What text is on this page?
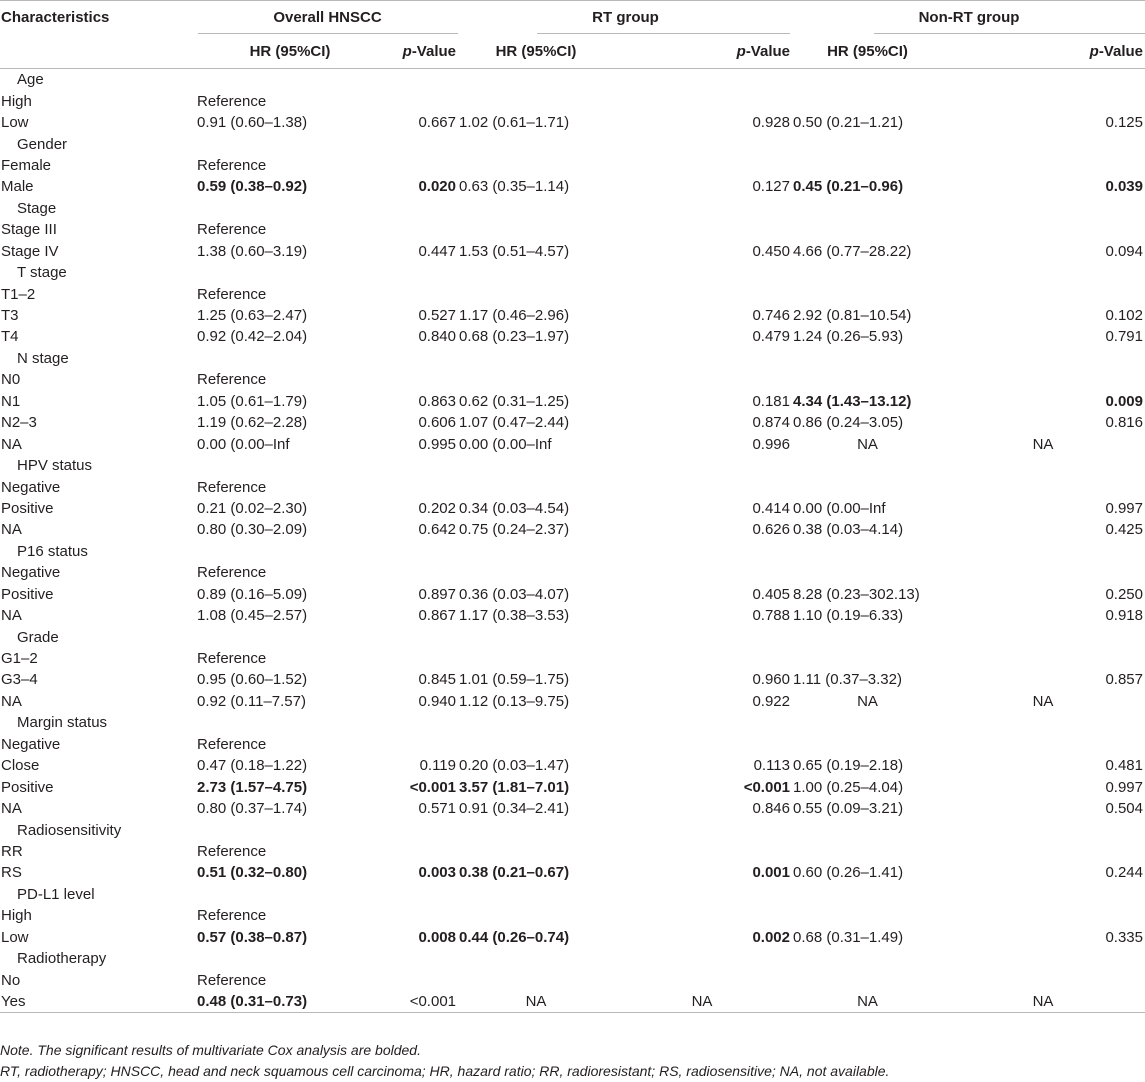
Characteristics	Overall HNSCC		RT group		Non-RT group	
	HR (95%CI)	p-Value	HR (95%CI)	p-Value	HR (95%CI)	p-Value
Age						
High	Reference					
Low	0.91 (0.60–1.38)	0.667	1.02 (0.61–1.71)	0.928	0.50 (0.21–1.21)	0.125
Gender						
Female	Reference					
Male	0.59 (0.38–0.92)	0.020	0.63 (0.35–1.14)	0.127	0.45 (0.21–0.96)	0.039
Stage						
Stage III	Reference					
Stage IV	1.38 (0.60–3.19)	0.447	1.53 (0.51–4.57)	0.450	4.66 (0.77–28.22)	0.094
T stage						
T1–2	Reference					
T3	1.25 (0.63–2.47)	0.527	1.17 (0.46–2.96)	0.746	2.92 (0.81–10.54)	0.102
T4	0.92 (0.42–2.04)	0.840	0.68 (0.23–1.97)	0.479	1.24 (0.26–5.93)	0.791
N stage						
N0	Reference					
N1	1.05 (0.61–1.79)	0.863	0.62 (0.31–1.25)	0.181	4.34 (1.43–13.12)	0.009
N2–3	1.19 (0.62–2.28)	0.606	1.07 (0.47–2.44)	0.874	0.86 (0.24–3.05)	0.816
NA	0.00 (0.00–Inf	0.995	0.00 (0.00–Inf	0.996	NA	NA
HPV status						
Negative	Reference					
Positive	0.21 (0.02–2.30)	0.202	0.34 (0.03–4.54)	0.414	0.00 (0.00–Inf	0.997
NA	0.80 (0.30–2.09)	0.642	0.75 (0.24–2.37)	0.626	0.38 (0.03–4.14)	0.425
P16 status						
Negative	Reference					
Positive	0.89 (0.16–5.09)	0.897	0.36 (0.03–4.07)	0.405	8.28 (0.23–302.13)	0.250
NA	1.08 (0.45–2.57)	0.867	1.17 (0.38–3.53)	0.788	1.10 (0.19–6.33)	0.918
Grade						
G1–2	Reference					
G3–4	0.95 (0.60–1.52)	0.845	1.01 (0.59–1.75)	0.960	1.11 (0.37–3.32)	0.857
NA	0.92 (0.11–7.57)	0.940	1.12 (0.13–9.75)	0.922	NA	NA
Margin status						
Negative	Reference					
Close	0.47 (0.18–1.22)	0.119	0.20 (0.03–1.47)	0.113	0.65 (0.19–2.18)	0.481
Positive	2.73 (1.57–4.75)	<0.001	3.57 (1.81–7.01)	<0.001	1.00 (0.25–4.04)	0.997
NA	0.80 (0.37–1.74)	0.571	0.91 (0.34–2.41)	0.846	0.55 (0.09–3.21)	0.504
Radiosensitivity						
RR	Reference					
RS	0.51 (0.32–0.80)	0.003	0.38 (0.21–0.67)	0.001	0.60 (0.26–1.41)	0.244
PD-L1 level						
High	Reference					
Low	0.57 (0.38–0.87)	0.008	0.44 (0.26–0.74)	0.002	0.68 (0.31–1.49)	0.335
Radiotherapy						
No	Reference					
Yes	0.48 (0.31–0.73)	<0.001	NA	NA	NA	NA
Note. The significant results of multivariate Cox analysis are bolded.
RT, radiotherapy; HNSCC, head and neck squamous cell carcinoma; HR, hazard ratio; RR, radioresistant; RS, radiosensitive; NA, not available.
